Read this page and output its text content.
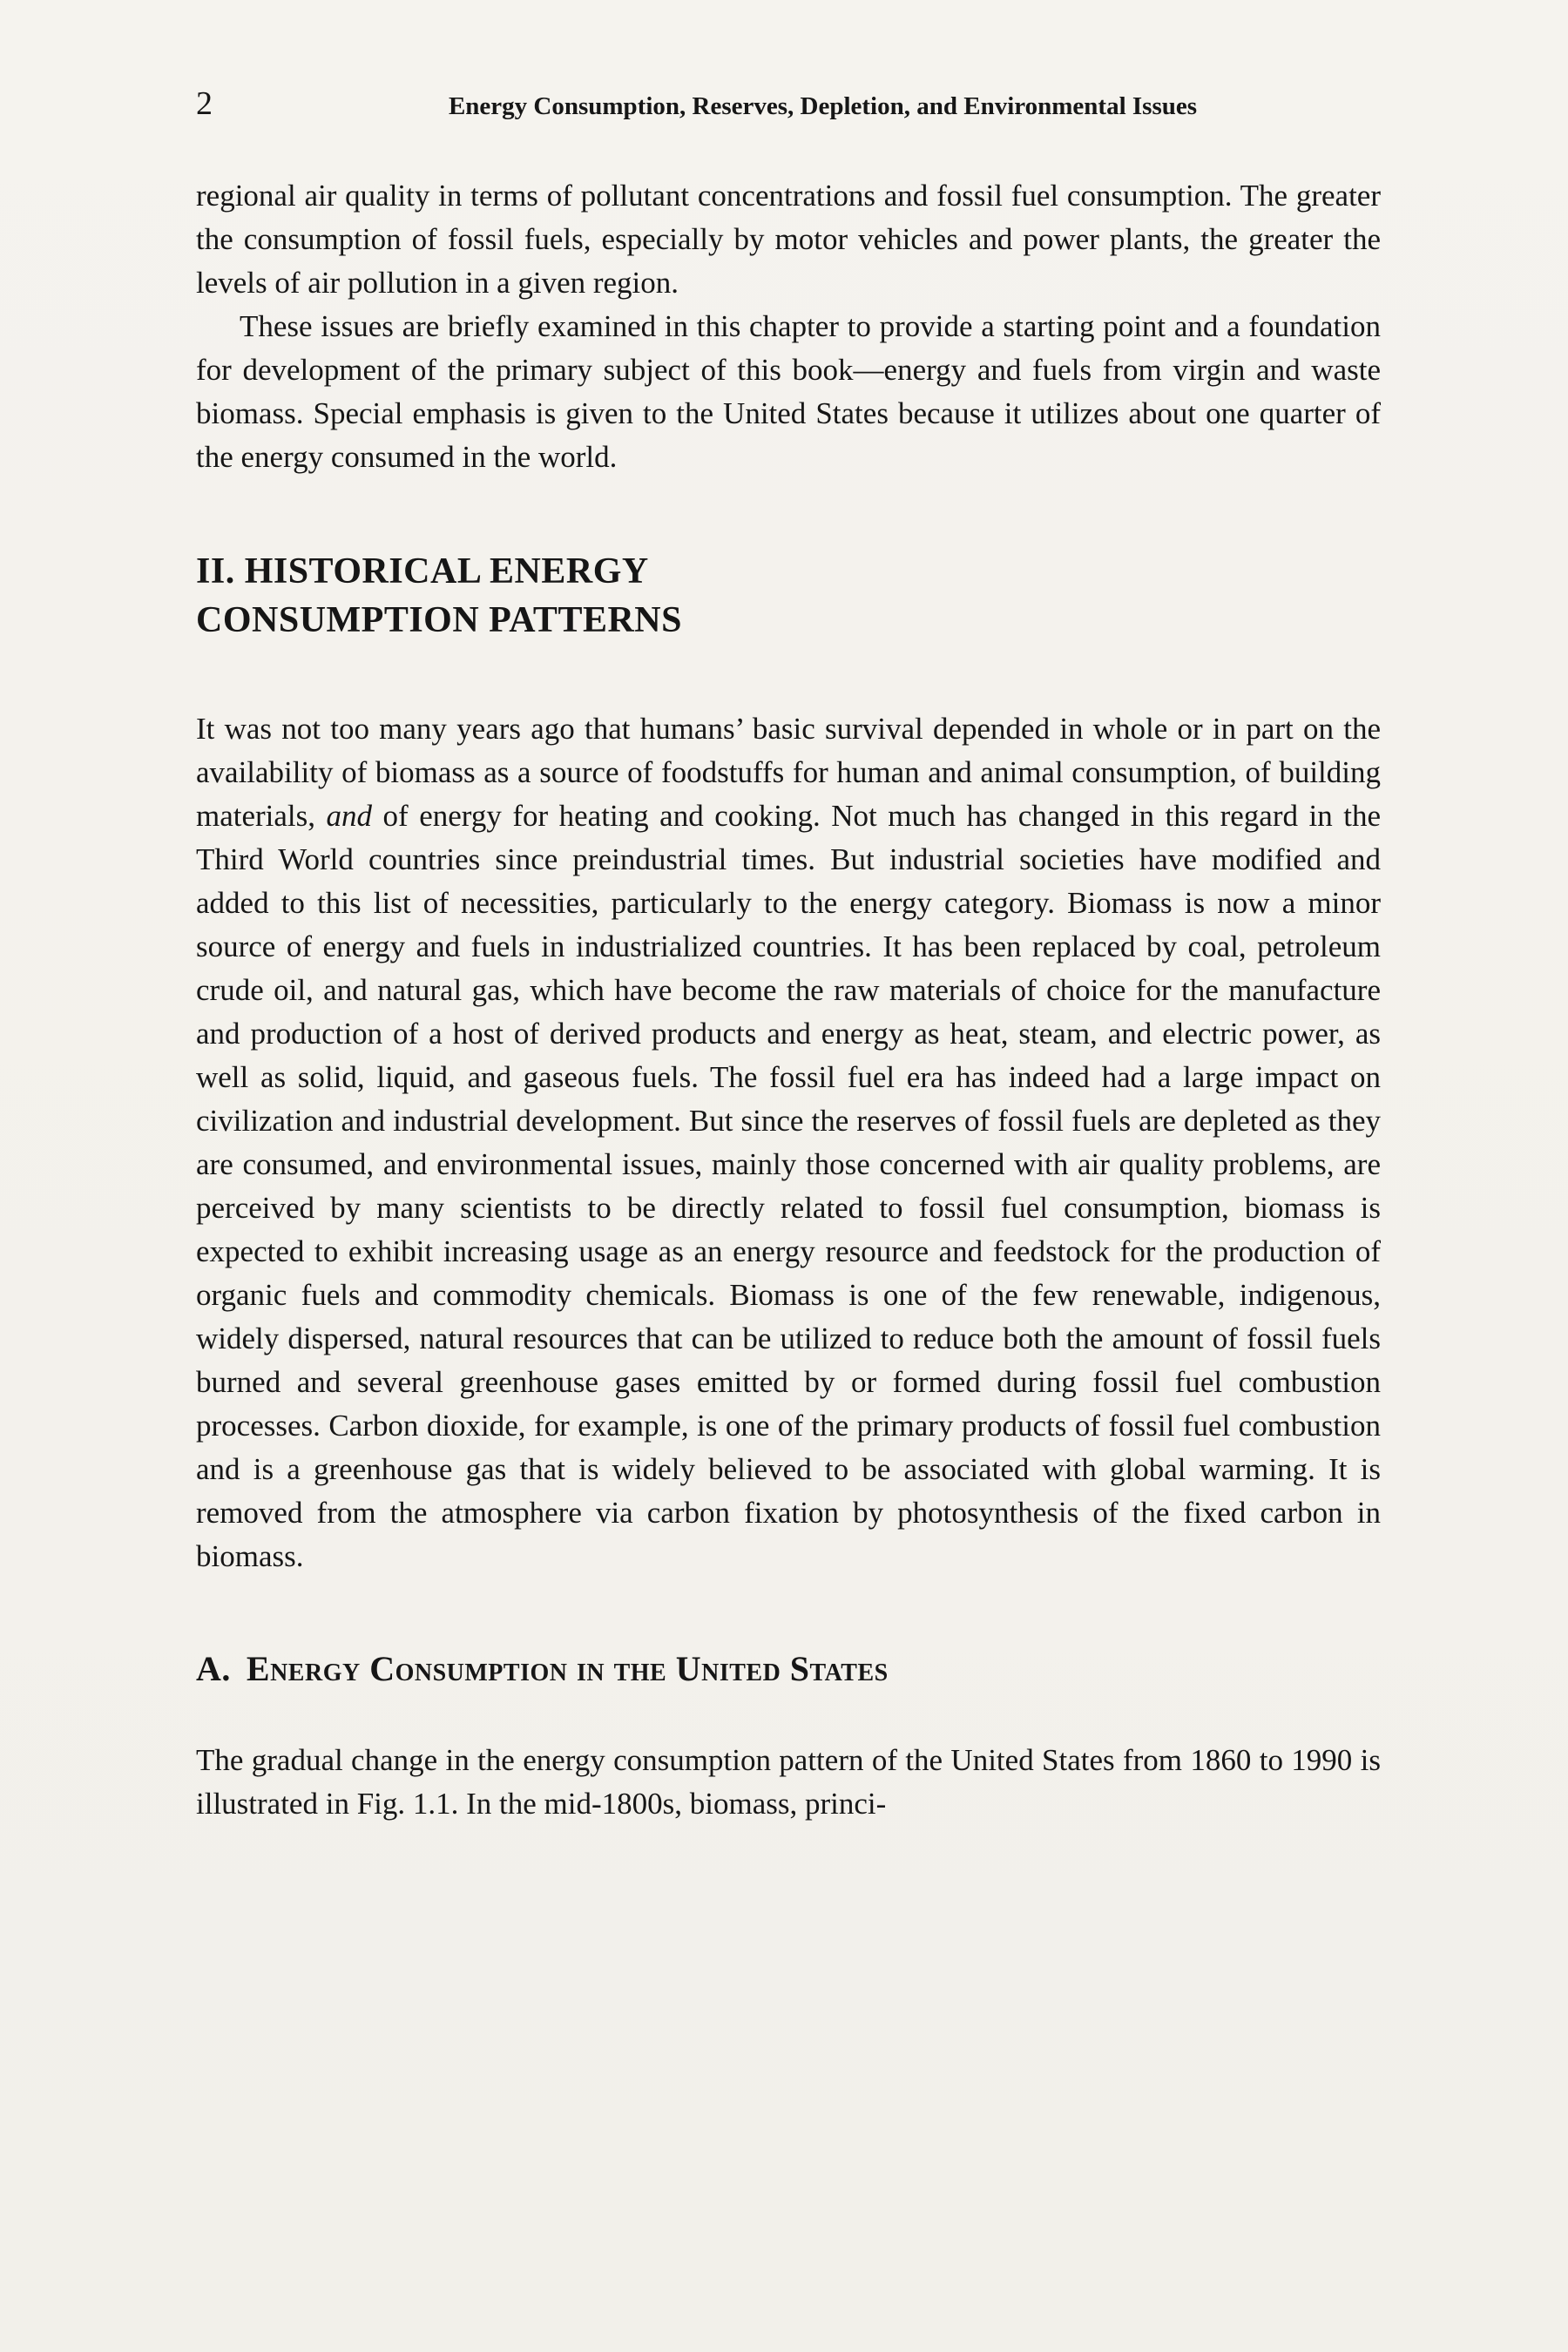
2	Energy Consumption, Reserves, Depletion, and Environmental Issues

regional air quality in terms of pollutant concentrations and fossil fuel consumption. The greater the consumption of fossil fuels, especially by motor vehicles and power plants, the greater the levels of air pollution in a given region.

These issues are briefly examined in this chapter to provide a starting point and a foundation for development of the primary subject of this book—energy and fuels from virgin and waste biomass. Special emphasis is given to the United States because it utilizes about one quarter of the energy consumed in the world.

II. HISTORICAL ENERGY
CONSUMPTION PATTERNS

It was not too many years ago that humans’ basic survival depended in whole or in part on the availability of biomass as a source of foodstuffs for human and animal consumption, of building materials, and of energy for heating and cooking. Not much has changed in this regard in the Third World countries since preindustrial times. But industrial societies have modified and added to this list of necessities, particularly to the energy category. Biomass is now a minor source of energy and fuels in industrialized countries. It has been replaced by coal, petroleum crude oil, and natural gas, which have become the raw materials of choice for the manufacture and production of a host of derived products and energy as heat, steam, and electric power, as well as solid, liquid, and gaseous fuels. The fossil fuel era has indeed had a large impact on civilization and industrial development. But since the reserves of fossil fuels are depleted as they are consumed, and environmental issues, mainly those concerned with air quality problems, are perceived by many scientists to be directly related to fossil fuel consumption, biomass is expected to exhibit increasing usage as an energy resource and feedstock for the production of organic fuels and commodity chemicals. Biomass is one of the few renewable, indigenous, widely dispersed, natural resources that can be utilized to reduce both the amount of fossil fuels burned and several greenhouse gases emitted by or formed during fossil fuel combustion processes. Carbon dioxide, for example, is one of the primary products of fossil fuel combustion and is a greenhouse gas that is widely believed to be associated with global warming. It is removed from the atmosphere via carbon fixation by photosynthesis of the fixed carbon in biomass.

A. Energy Consumption in the United States

The gradual change in the energy consumption pattern of the United States from 1860 to 1990 is illustrated in Fig. 1.1. In the mid-1800s, biomass, princi-
